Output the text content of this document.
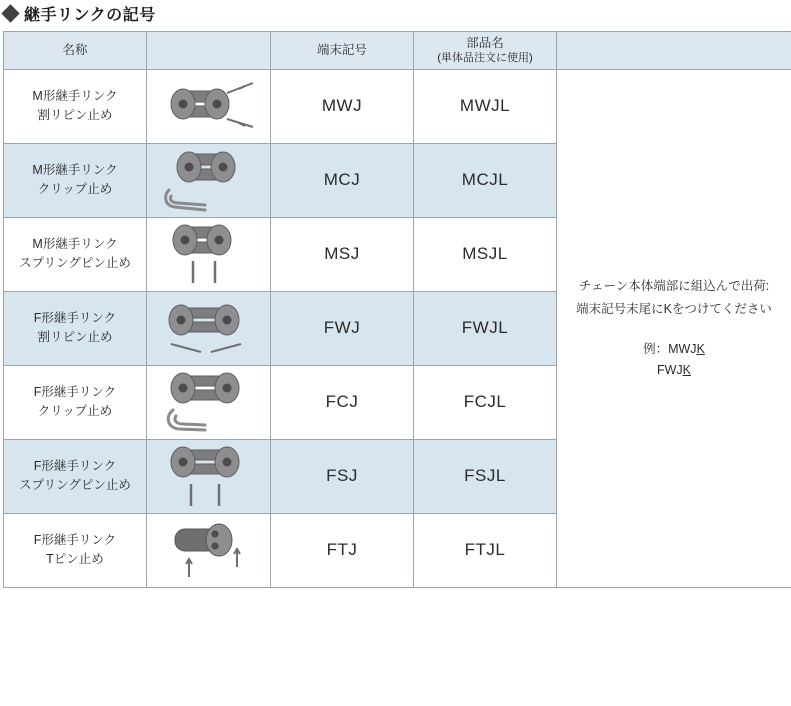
継手リンクの記号
名称		端末記号	部品名
(単体品注文に使用)	

M形継手リンク
割リピン止め		MWJ	MWJL	
チェーン本体端部に組込んで出荷:
端末記号末尾にKをつけてください
例：MWJK
FWJK

M形継手リンク
クリップ止め		MCJ	MCJL	

M形継手リンク
スプリングピン止め		MSJ	MSJL	

F形継手リンク
割リピン止め		FWJ	FWJL	

F形継手リンク
クリップ止め		FCJ	FCJL	

F形継手リンク
スプリングピン止め		FSJ	FSJL	

F形継手リンク
Tピン止め		FTJ	FTJL	
